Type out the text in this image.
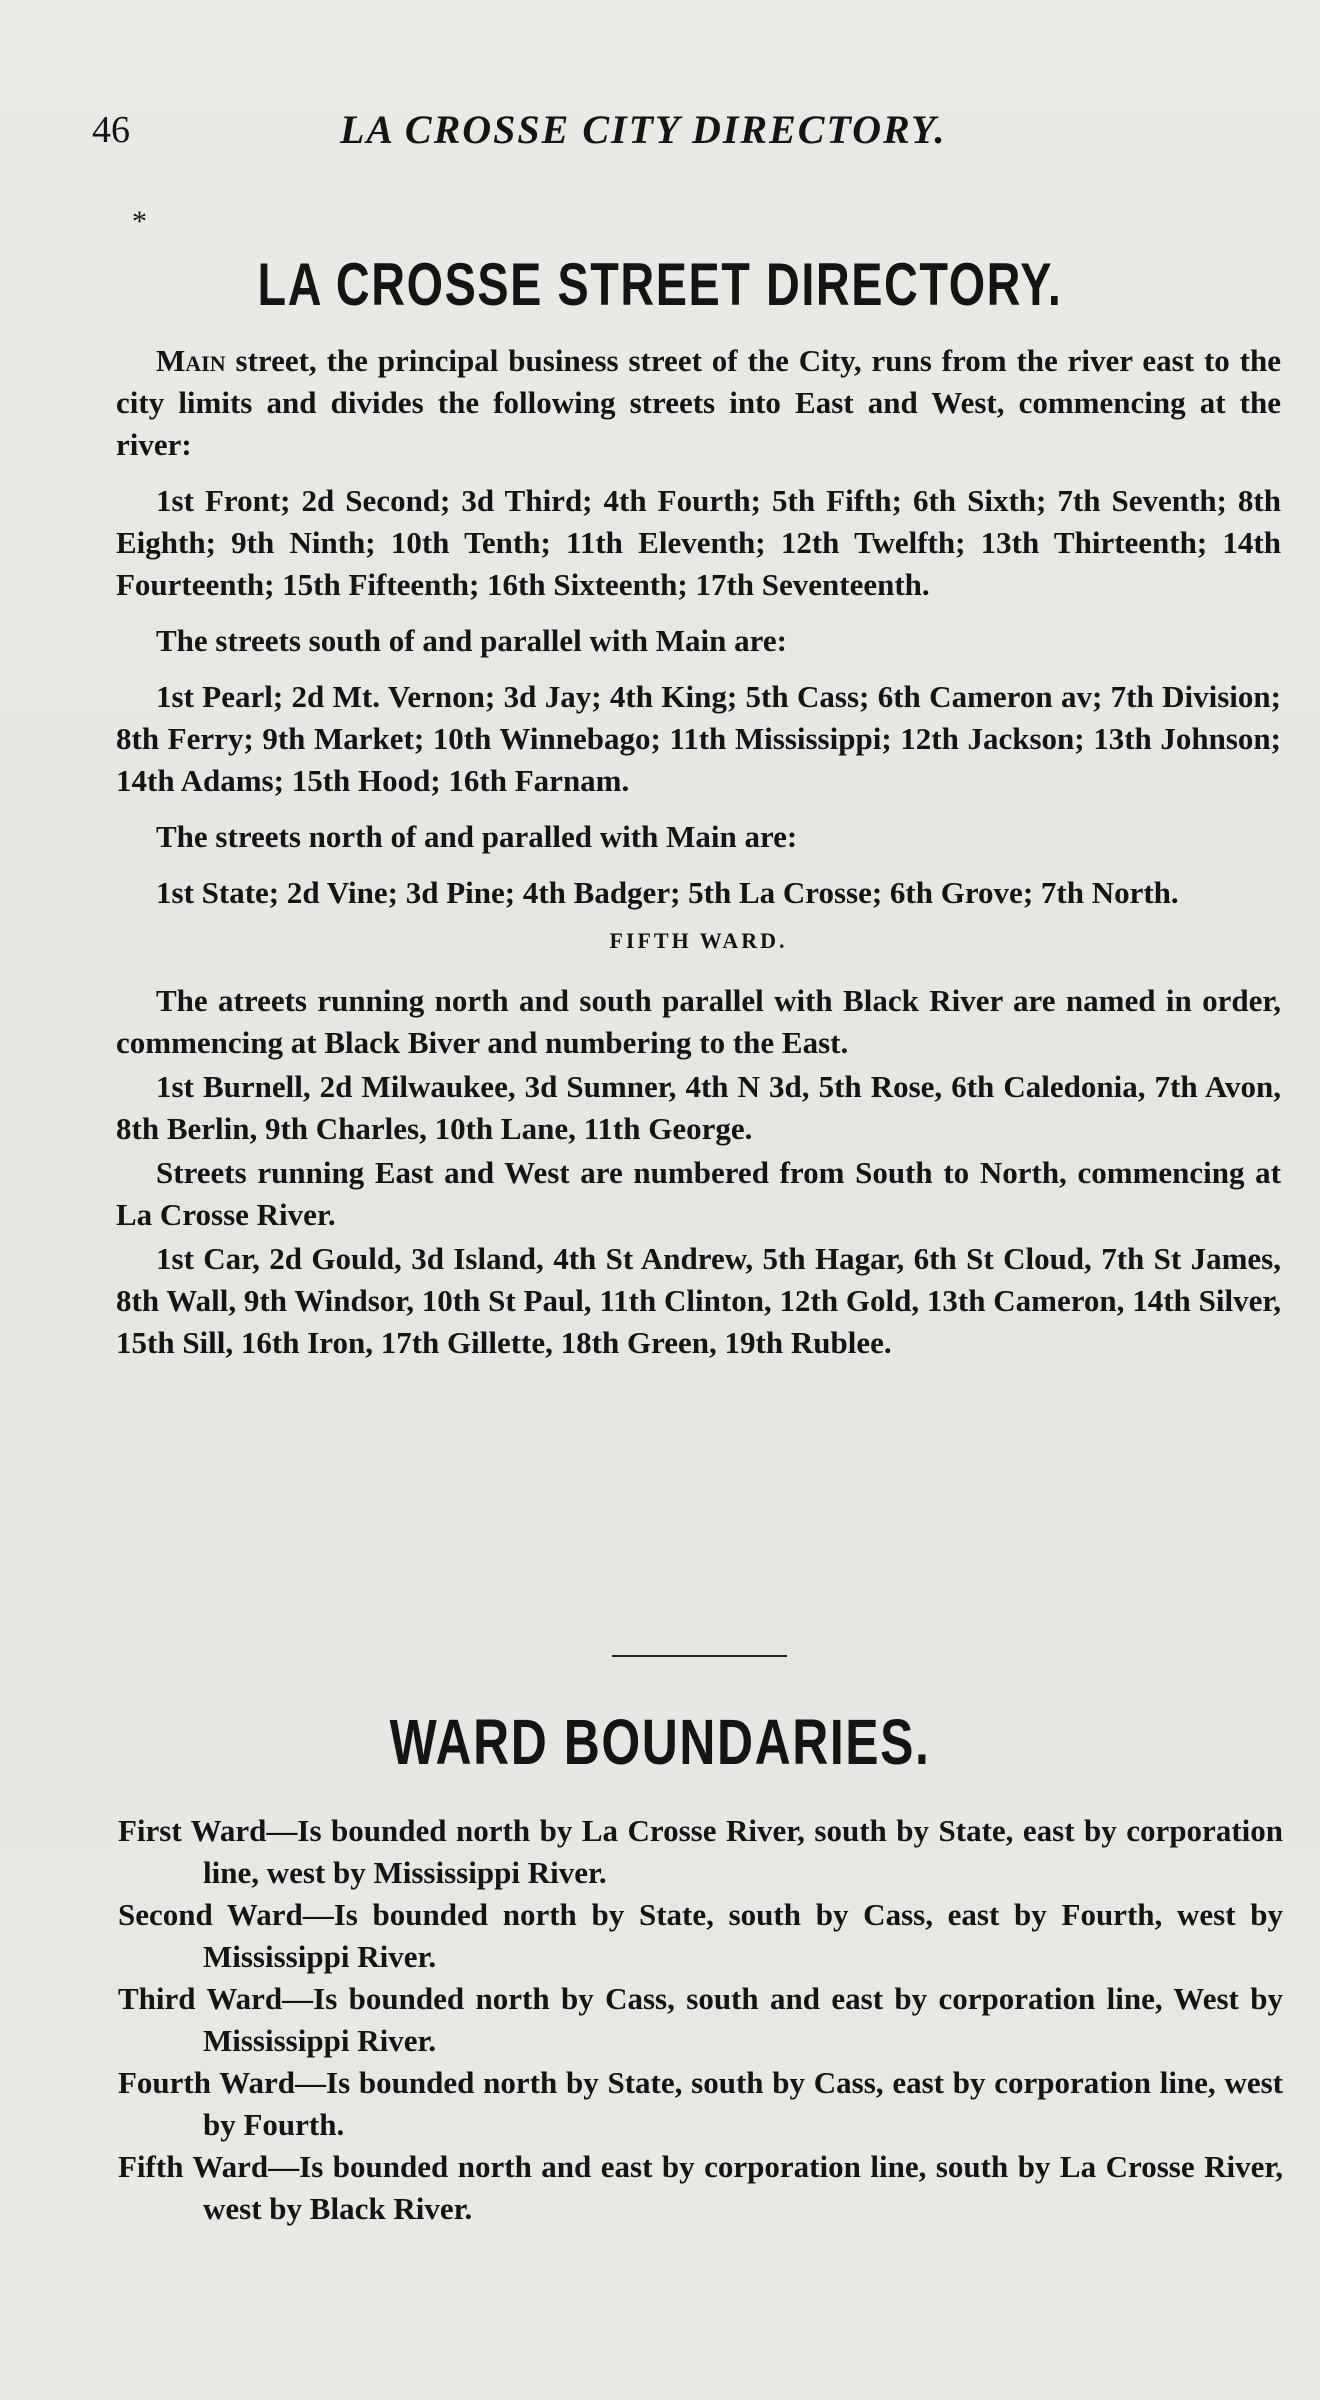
46	LA CROSSE CITY DIRECTORY.
*
LA CROSSE STREET DIRECTORY.

Main street, the principal business street of the City, runs from the river east to the city limits and divides the following streets into East and West, commencing at the river:

1st Front; 2d Second; 3d Third; 4th Fourth; 5th Fifth; 6th Sixth; 7th Seventh; 8th Eighth; 9th Ninth; 10th Tenth; 11th Eleventh; 12th Twelfth; 13th Thirteenth; 14th Fourteenth; 15th Fifteenth; 16th Sixteenth; 17th Seventeenth.

The streets south of and parallel with Main are:

1st Pearl; 2d Mt. Vernon; 3d Jay; 4th King; 5th Cass; 6th Cameron av; 7th Division; 8th Ferry; 9th Market; 10th Winnebago; 11th Mississippi; 12th Jackson; 13th Johnson; 14th Adams; 15th Hood; 16th Farnam.

The streets north of and paralled with Main are:

1st State; 2d Vine; 3d Pine; 4th Badger; 5th La Crosse; 6th Grove; 7th North.

FIFTH WARD.

The atreets running north and south parallel with Black River are named in order, commencing at Black Biver and numbering to the East.

1st Burnell, 2d Milwaukee, 3d Sumner, 4th N 3d, 5th Rose, 6th Caledonia, 7th Avon, 8th Berlin, 9th Charles, 10th Lane, 11th George.

Streets running East and West are numbered from South to North, commencing at La Crosse River.

1st Car, 2d Gould, 3d Island, 4th St Andrew, 5th Hagar, 6th St Cloud, 7th St James, 8th Wall, 9th Windsor, 10th St Paul, 11th Clinton, 12th Gold, 13th Cameron, 14th Silver, 15th Sill, 16th Iron, 17th Gillette, 18th Green, 19th Rublee.

WARD BOUNDARIES.

First Ward—Is bounded north by La Crosse River, south by State, east by corporation line, west by Mississippi River.

Second Ward—Is bounded north by State, south by Cass, east by Fourth, west by Mississippi River.

Third Ward—Is bounded north by Cass, south and east by corporation line, West by Mississippi River.

Fourth Ward—Is bounded north by State, south by Cass, east by corporation line, west by Fourth.

Fifth Ward—Is bounded north and east by corporation line, south by La Crosse River, west by Black River.
